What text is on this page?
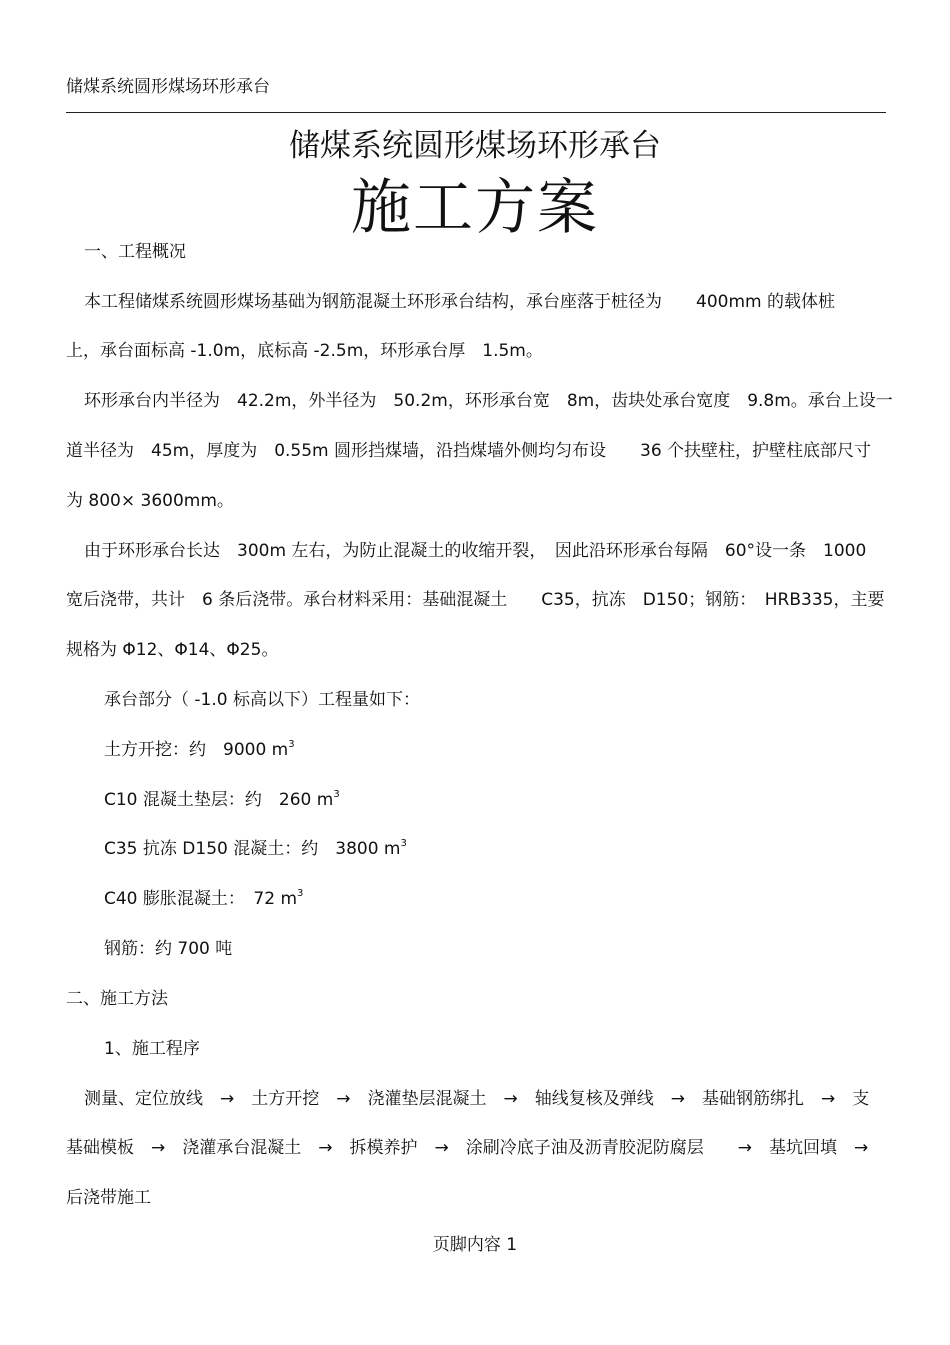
储煤系统圆形煤场环形承台
储煤系统圆形煤场环形承台
施工方案
一、工程概况
本工程储煤系统圆形煤场基础为钢筋混凝土环形承台结构，承台座落于桩径为　　400mm 的载体桩
上，承台面标高 -1.0m，底标高 -2.5m，环形承台厚　1.5m。
环形承台内半径为　42.2m，外半径为　50.2m，环形承台宽　8m，齿块处承台宽度　9.8m。承台上设一
道半径为　45m，厚度为　0.55m 圆形挡煤墙，沿挡煤墙外侧均匀布设　　36 个扶壁柱，护壁柱底部尺寸
为 800× 3600mm。
由于环形承台长达　300m 左右，为防止混凝土的收缩开裂，　因此沿环形承台每隔　60°设一条　1000
宽后浇带，共计　6 条后浇带。承台材料采用：基础混凝土　　C35，抗冻　D150；钢筋：　HRB335，主要
规格为 Φ12、Φ14、Φ25。
承台部分（ -1.0 标高以下）工程量如下：
土方开挖：约　9000 $m^3$
C10 混凝土垫层：约　260 $m^3$
C35 抗冻 D150 混凝土：约　3800 $m^3$
C40 膨胀混凝土：　72 $m^3$
钢筋：约 700 吨
二、施工方法
1、施工程序
测量、定位放线　→　土方开挖　→　浇灌垫层混凝土　→　轴线复核及弹线　→　基础钢筋绑扎　→　支
基础模板　→　浇灌承台混凝土　→　拆模养护　→　涂刷冷底子油及沥青胶泥防腐层　　→　基坑回填　→
后浇带施工
页脚内容 1
